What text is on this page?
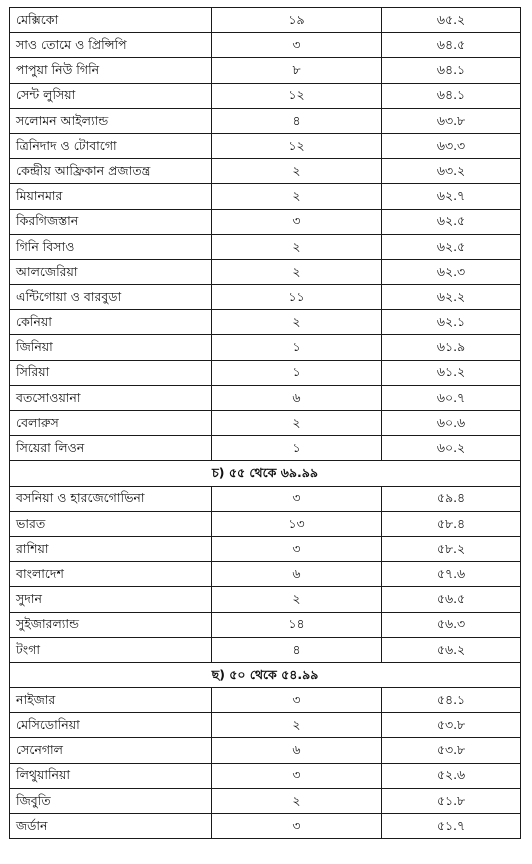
মেক্সিকো	১৯	৬৫.২
সাও তোমে ও প্রিন্সিপি	৩	৬৪.৫
পাপুয়া নিউ গিনি	৮	৬৪.১
সেন্ট লুসিয়া	১২	৬৪.১
সলোমন আইল্যান্ড	৪	৬৩.৮
ত্রিনিদাদ ও টোবাগো	১২	৬৩.৩
কেন্দ্রীয় আফ্রিকান প্রজাতন্ত্র	২	৬৩.২
মিয়ানমার	২	৬২.৭
কিরগিজস্তান	৩	৬২.৫
গিনি বিসাও	২	৬২.৫
আলজেরিয়া	২	৬২.৩
এন্টিগোয়া ও বারবুডা	১১	৬২.২
কেনিয়া	২	৬২.১
জিনিয়া	১	৬১.৯
সিরিয়া	১	৬১.২
বতসোওয়ানা	৬	৬০.৭
বেলারুস	২	৬০.৬
সিয়েরা লিওন	১	৬০.২
চ) ৫৫ থেকে ৬৯.৯৯		
বসনিয়া ও হারজেগোভিনা	৩	৫৯.৪
ভারত	১৩	৫৮.৪
রাশিয়া	৩	৫৮.২
বাংলাদেশ	৬	৫৭.৬
সুদান	২	৫৬.৫
সুইজারল্যান্ড	১৪	৫৬.৩
টংগা	৪	৫৬.২
ছ) ৫০ থেকে ৫৪.৯৯		
নাইজার	৩	৫৪.১
মেসিডোনিয়া	২	৫৩.৮
সেনেগাল	৬	৫৩.৮
লিথুয়ানিয়া	৩	৫২.৬
জিবুতি	২	৫১.৮
জর্ডান	৩	৫১.৭
